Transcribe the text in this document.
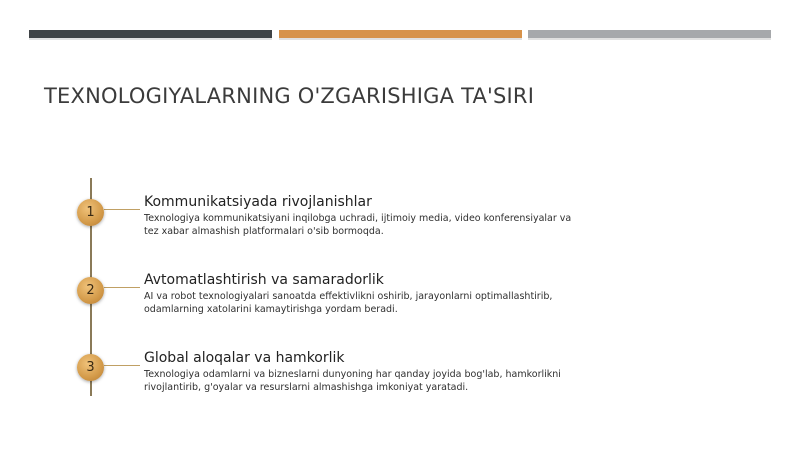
TEXNOLOGIYALARNING O'ZGARISHIGA TA'SIRI
1
Kommunikatsiyada rivojlanishlar
Texnologiya kommunikatsiyani inqilobga uchradi, ijtimoiy media, video konferensiyalar va tez xabar almashish platformalari o'sib bormoqda.
2
Avtomatlashtirish va samaradorlik
AI va robot texnologiyalari sanoatda effektivlikni oshirib, jarayonlarni optimallashtirib, odamlarning xatolarini kamaytirishga yordam beradi.
3
Global aloqalar va hamkorlik
Texnologiya odamlarni va bizneslarni dunyoning har qanday joyida bog'lab, hamkorlikni rivojlantirib, g'oyalar va resurslarni almashishga imkoniyat yaratadi.
